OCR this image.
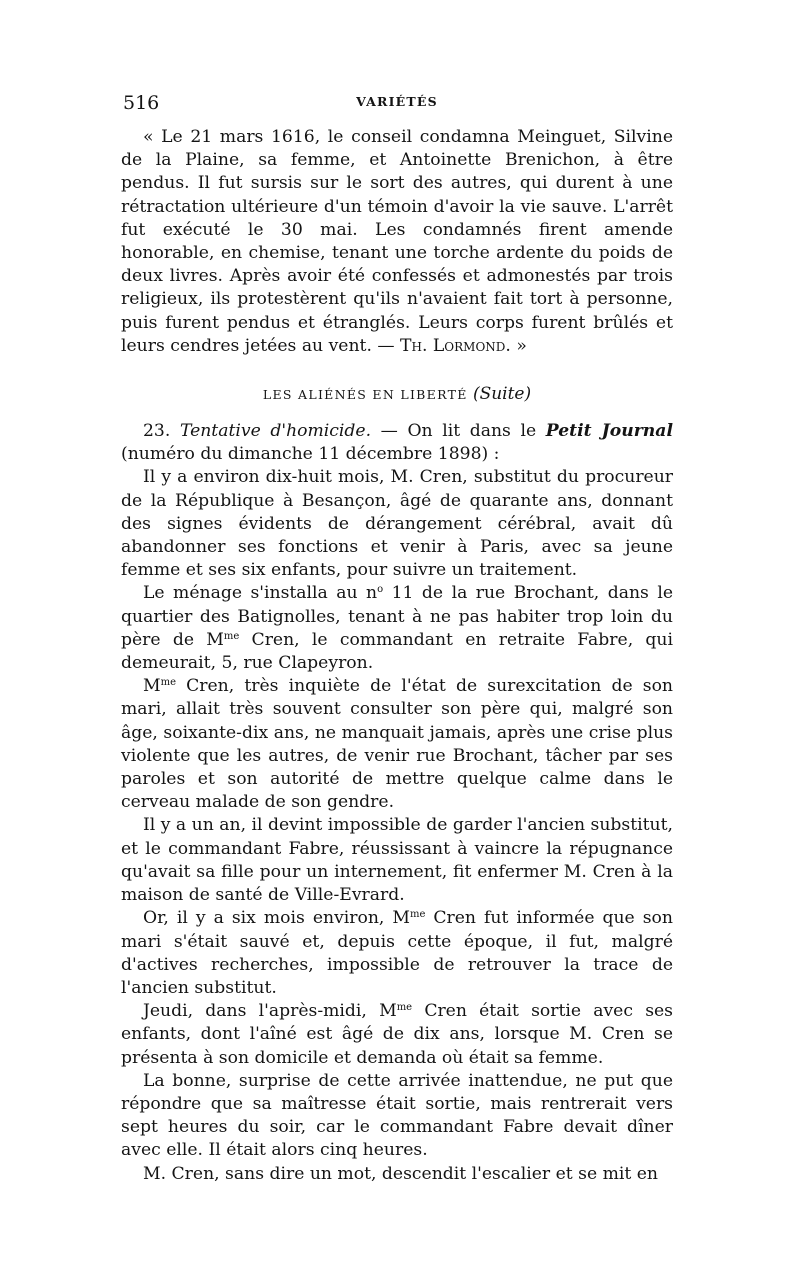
516	VARIÉTÉS

« Le 21 mars 1616, le conseil condamna Meinguet, Silvine de la Plaine, sa femme, et Antoinette Brenichon, à être pendus. Il fut sursis sur le sort des autres, qui durent à une rétractation ultérieure d'un témoin d'avoir la vie sauve. L'arrêt fut exécuté le 30 mai. Les condamnés firent amende honorable, en chemise, tenant une torche ardente du poids de deux livres. Après avoir été confessés et admonestés par trois religieux, ils protestèrent qu'ils n'avaient fait tort à personne, puis furent pendus et étranglés. Leurs corps furent brûlés et leurs cendres jetées au vent. — Th. Lormond. »

LES ALIÉNÉS EN LIBERTÉ (Suite)

23. Tentative d'homicide. — On lit dans le Petit Journal (numéro du dimanche 11 décembre 1898) :

Il y a environ dix-huit mois, M. Cren, substitut du procureur de la République à Besançon, âgé de quarante ans, donnant des signes évidents de dérangement cérébral, avait dû abandonner ses fonctions et venir à Paris, avec sa jeune femme et ses six enfants, pour suivre un traitement.

Le ménage s'installa au $n^o$ 11 de la rue Brochant, dans le quartier des Batignolles, tenant à ne pas habiter trop loin du père de $M^{me}$ Cren, le commandant en retraite Fabre, qui demeurait, 5, rue Clapeyron.

$M^{me}$ Cren, très inquiète de l'état de surexcitation de son mari, allait très souvent consulter son père qui, malgré son âge, soixante-dix ans, ne manquait jamais, après une crise plus violente que les autres, de venir rue Brochant, tâcher par ses paroles et son autorité de mettre quelque calme dans le cerveau malade de son gendre.

Il y a un an, il devint impossible de garder l'ancien substitut, et le commandant Fabre, réussissant à vaincre la répugnance qu'avait sa fille pour un internement, fit enfermer M. Cren à la maison de santé de Ville-Evrard.

Or, il y a six mois environ, $M^{me}$ Cren fut informée que son mari s'était sauvé et, depuis cette époque, il fut, malgré d'actives recherches, impossible de retrouver la trace de l'ancien substitut.

Jeudi, dans l'après-midi, $M^{me}$ Cren était sortie avec ses enfants, dont l'aîné est âgé de dix ans, lorsque M. Cren se présenta à son domicile et demanda où était sa femme.

La bonne, surprise de cette arrivée inattendue, ne put que répondre que sa maîtresse était sortie, mais rentrerait vers sept heures du soir, car le commandant Fabre devait dîner avec elle. Il était alors cinq heures.

M. Cren, sans dire un mot, descendit l'escalier et se mit en
